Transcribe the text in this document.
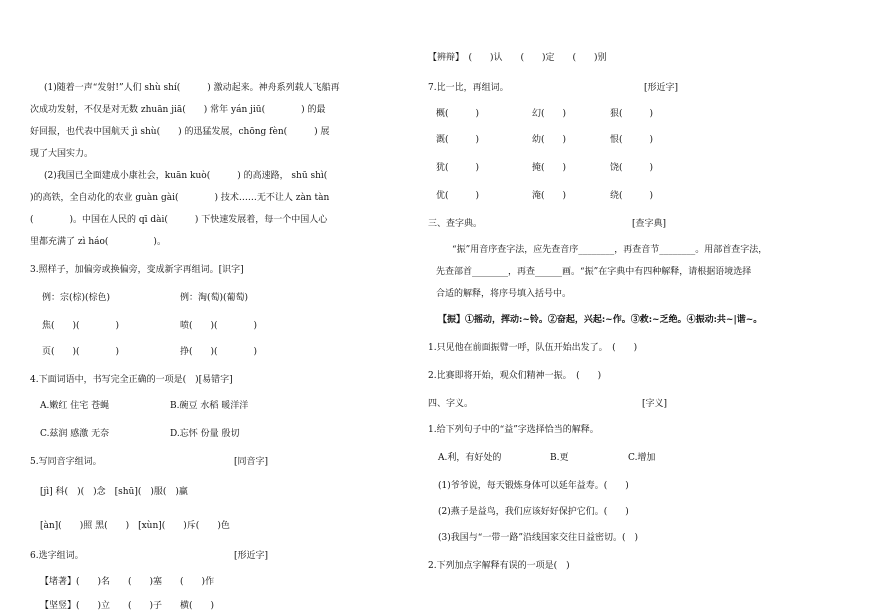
(1)随着一声“发射!”人们 shù shí(　　　) 激动起来。神舟系列载人飞船再
次成功发射，不仅是对无数 zhuān jiā(　　) 常年 yán jiū(　　　　) 的最
好回报，也代表中国航天 jì shù(　　) 的迅猛发展，chōng fèn(　　　) 展
现了大国实力。
(2)我国已全面建成小康社会，kuān kuò(　　　) 的高速路， shū shì(　
)的高铁，全自动化的农业 guàn gài(　　　　) 技术……无不让人 zàn tàn
(　　　　)。中国在人民的 qī dài(　　　) 下快速发展着，每一个中国人心
里都充满了 zì háo(　　　　　)。
3.照样子，加偏旁或换偏旁，变成新字再组词。[识字]
例：宗(棕)(棕色)	例：淘(萄)(葡萄)
焦(　　)(　　　　)	喷(　　)(　　　　)
页(　　)(　　　　)	挣(　　)(　　　　)
4.下面词语中，书写完全正确的一项是(　)[易错字]
A.嫩红 住宅 苍蝇	B.碗豆 水稻 暖洋洋
C.兹润 感激 无奈	D.忘怀 份量 殷切
5.写同音字组词。	[同音字]
[jì] 科(　)(　)念　[shū](　)服(　)赢
[àn](　　)照 黑(　　)　[xùn](　　)斥(　　)色
6.选字组词。	[形近字]
【堵著】(　　)名　　(　　)塞　　(　　)作
【坚竖】(　　)立　　(　　)子　　横(　　)
【辨辩】　(　　)认　　(　　)定　　(　　)别
7.比一比，再组词。	[形近字]
概(　　　)	幻(　　)	狠(　　　)
溉(　　　)	幼(　　)	恨(　　　)
犹(　　　)	掩(　　)	饶(　　　)
优(　　　)	淹(　　)	绕(　　　)
三、查字典。	[查字典]
“振”用音序查字法，应先查音序________，再查音节________。用部首查字法，
先查部首________，再查______画。“振”在字典中有四种解释，请根据语境选择
合适的解释，将序号填入括号中。
【振】①摇动，挥动:~铃。②奋起，兴起:~作。③救:~乏绝。④振动:共~|谐~。
1.只见他在前面振臂一呼，队伍开始出发了。　(　　)
2.比赛即将开始，观众们精神一振。　(　　)
四、字义。	[字义]
1.给下列句子中的“益”字选择恰当的解释。
A.利，有好处的	B.更	C.增加
(1)爷爷说，每天锻炼身体可以延年益寿。(　　)
(2)燕子是益鸟，我们应该好好保护它们。(　　)
(3)我国与“一带一路”沿线国家交往日益密切。(　)
2.下列加点字解释有误的一项是(　)
